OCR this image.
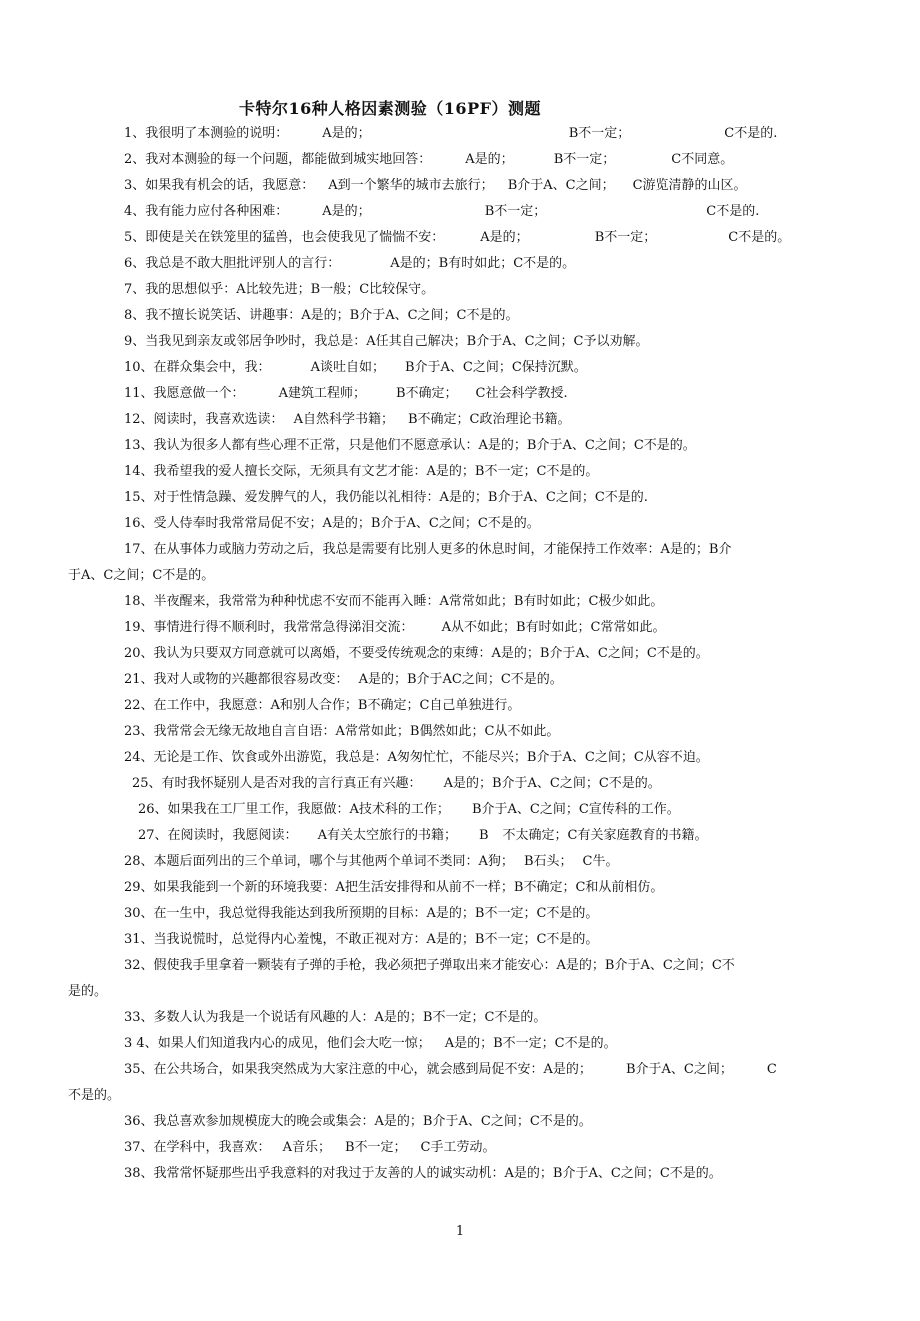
卡特尔16种人格因素测验（16PF）测题
1、我很明了本测验的说明：	A是的；	B不一定；	C不是的.
2、我对本测验的每一个问题，都能做到城实地回答：	A是的；	B不一定；	C不同意。
3、如果我有机会的话，我愿意： A到一个繁华的城市去旅行； B介于A、C之间； C游览清静的山区。
4、我有能力应付各种困难：	A是的；	B不一定；	C不是的.
5、即使是关在铁笼里的猛兽，也会使我见了惴惴不安：	A是的；	B不一定；	C不是的。
6、我总是不敢大胆批评别人的言行：	A是的；B有时如此；C不是的。
7、我的思想似乎：A比较先进；B一般；C比较保守。
8、我不擅长说笑话、讲趣事：A是的；B介于A、C之间；C不是的。
9、当我见到亲友或邻居争吵时，我总是：A任其自己解决；B介于A、C之间；C予以劝解。
10、在群众集会中，我：	A谈吐自如； B介于A、C之间；C保持沉默。
11、我愿意做一个：	A建筑工程师； B不确定； C社会科学教授.
12、阅读时，我喜欢选读： A自然科学书籍； B不确定；C政治理论书籍。
13、我认为很多人都有些心理不正常，只是他们不愿意承认：A是的；B介于A、C之间；C不是的。
14、我希望我的爱人擅长交际，无须具有文艺才能：A是的；B不一定；C不是的。
15、对于性情急躁、爱发脾气的人，我仍能以礼相待：A是的；B介于A、C之间；C不是的.
16、受人侍奉时我常常局促不安；A是的；B介于A、C之间；C不是的。
17、在从事体力或脑力劳动之后，我总是需要有比别人更多的休息时间，才能保持工作效率：A是的；B介
于A、C之间；C不是的。
18、半夜醒来，我常常为种种忧虑不安而不能再入睡：A常常如此；B有时如此；C极少如此。
19、事情进行得不顺利时，我常常急得涕泪交流： A从不如此；B有时如此；C常常如此。
20、我认为只要双方同意就可以离婚，不要受传统观念的束缚：A是的；B介于A、C之间；C不是的。
21、我对人或物的兴趣都很容易改变： A是的；B介于AC之间；C不是的。
22、在工作中，我愿意：A和别人合作；B不确定；C自己单独进行。
23、我常常会无缘无故地自言自语：A常常如此；B偶然如此；C从不如此。
24、无论是工作、饮食或外出游览，我总是：A匆匆忙忙，不能尽兴；B介于A、C之间；C从容不迫。
25、有时我怀疑别人是否对我的言行真正有兴趣： A是的；B介于A、C之间；C不是的。
26、如果我在工厂里工作，我愿做：A技术科的工作； B介于A、C之间；C宣传科的工作。
27、在阅读时，我愿阅读： A有关太空旅行的书籍； B 不太确定；C有关家庭教育的书籍。
28、本题后面列出的三个单词，哪个与其他两个单词不类同：A狗； B石头； C牛。
29、如果我能到一个新的环境我要：A把生活安排得和从前不一样；B不确定；C和从前相仿。
30、在一生中，我总觉得我能达到我所预期的目标：A是的；B不一定；C不是的。
31、当我说慌时，总觉得内心羞愧，不敢正视对方：A是的；B不一定；C不是的。
32、假使我手里拿着一颗装有子弹的手枪，我必须把子弹取出来才能安心：A是的；B介于A、C之间；C不
是的。
33、多数人认为我是一个说话有风趣的人：A是的；B不一定；C不是的。
3 4、如果人们知道我内心的成见，他们会大吃一惊； A是的；B不一定；C不是的。
35、在公共场合，如果我突然成为大家注意的中心，就会感到局促不安：A是的；	B介于A、C之间；	C
不是的。
36、我总喜欢参加规模庞大的晚会或集会：A是的；B介于A、C之间；C不是的。
37、在学科中，我喜欢： A音乐； B不一定； C手工劳动。
38、我常常怀疑那些出乎我意料的对我过于友善的人的诚实动机：A是的；B介于A、C之间；C不是的。
1
